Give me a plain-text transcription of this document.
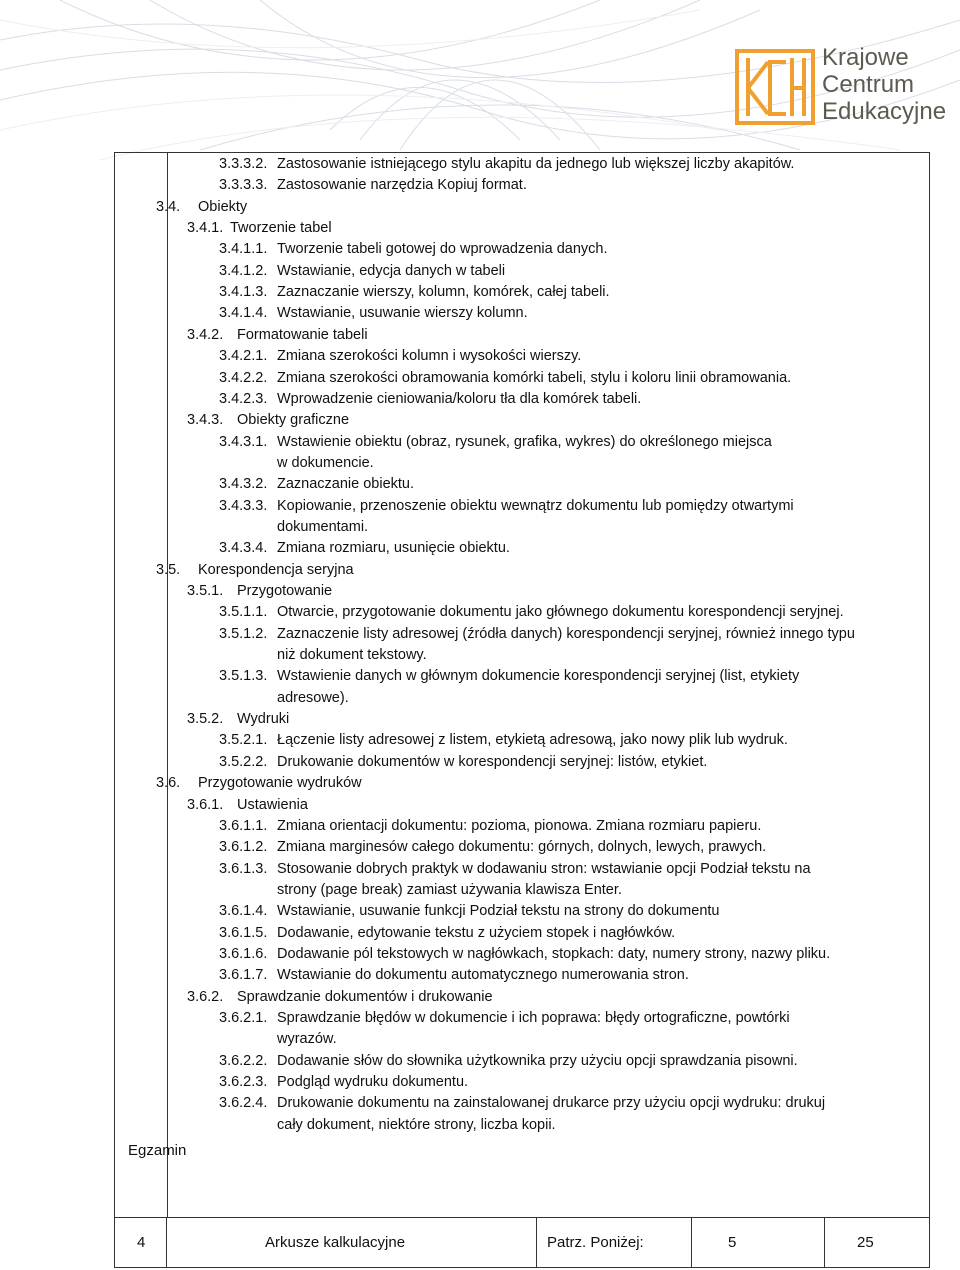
Krajowe
Centrum
Edukacyjne
4	Arkusze kalkulacyjne	Patrz. Poniżej:	5	25
3.3.3.2. Zastosowanie istniejącego stylu akapitu da jednego lub większej liczby akapitów.
3.3.3.3. Zastosowanie narzędzia Kopiuj format.
3.4. Obiekty
3.4.1. Tworzenie tabel
3.4.1.1. Tworzenie tabeli gotowej do wprowadzenia danych.
3.4.1.2. Wstawianie, edycja danych w tabeli
3.4.1.3. Zaznaczanie wierszy, kolumn, komórek, całej tabeli.
3.4.1.4. Wstawianie, usuwanie wierszy kolumn.
3.4.2. Formatowanie tabeli
3.4.2.1. Zmiana szerokości kolumn i wysokości wierszy.
3.4.2.2. Zmiana szerokości obramowania komórki tabeli, stylu i koloru linii obramowania.
3.4.2.3. Wprowadzenie cieniowania/koloru tła dla komórek tabeli.
3.4.3. Obiekty graficzne
3.4.3.1. Wstawienie obiektu (obraz, rysunek, grafika, wykres) do określonego miejsca
w dokumencie.
3.4.3.2. Zaznaczanie obiektu.
3.4.3.3. Kopiowanie, przenoszenie obiektu wewnątrz dokumentu lub pomiędzy otwartymi
dokumentami.
3.4.3.4. Zmiana rozmiaru, usunięcie obiektu.
3.5. Korespondencja seryjna
3.5.1. Przygotowanie
3.5.1.1. Otwarcie, przygotowanie dokumentu jako głównego dokumentu korespondencji seryjnej.
3.5.1.2. Zaznaczenie listy adresowej (źródła danych) korespondencji seryjnej, również innego typu
niż dokument tekstowy.
3.5.1.3. Wstawienie danych w głównym dokumencie korespondencji seryjnej (list, etykiety
adresowe).
3.5.2. Wydruki
3.5.2.1. Łączenie listy adresowej z listem, etykietą adresową, jako nowy plik lub wydruk.
3.5.2.2. Drukowanie dokumentów w korespondencji seryjnej: listów, etykiet.
3.6. Przygotowanie wydruków
3.6.1. Ustawienia
3.6.1.1. Zmiana orientacji dokumentu: pozioma, pionowa. Zmiana rozmiaru papieru.
3.6.1.2. Zmiana marginesów całego dokumentu: górnych, dolnych, lewych, prawych.
3.6.1.3. Stosowanie dobrych praktyk w dodawaniu stron: wstawianie opcji Podział tekstu na
strony (page break) zamiast używania klawisza Enter.
3.6.1.4. Wstawianie, usuwanie funkcji Podział tekstu na strony do dokumentu
3.6.1.5. Dodawanie, edytowanie tekstu z użyciem stopek i nagłówków.
3.6.1.6. Dodawanie pól tekstowych w nagłówkach, stopkach: daty, numery strony, nazwy pliku.
3.6.1.7. Wstawianie do dokumentu automatycznego numerowania stron.
3.6.2. Sprawdzanie dokumentów i drukowanie
3.6.2.1. Sprawdzanie błędów w dokumencie i ich poprawa: błędy ortograficzne, powtórki
wyrazów.
3.6.2.2. Dodawanie słów do słownika użytkownika przy użyciu opcji sprawdzania pisowni.
3.6.2.3. Podgląd wydruku dokumentu.
3.6.2.4. Drukowanie dokumentu na zainstalowanej drukarce przy użyciu opcji wydruku: drukuj
cały dokument, niektóre strony, liczba kopii.
Egzamin
